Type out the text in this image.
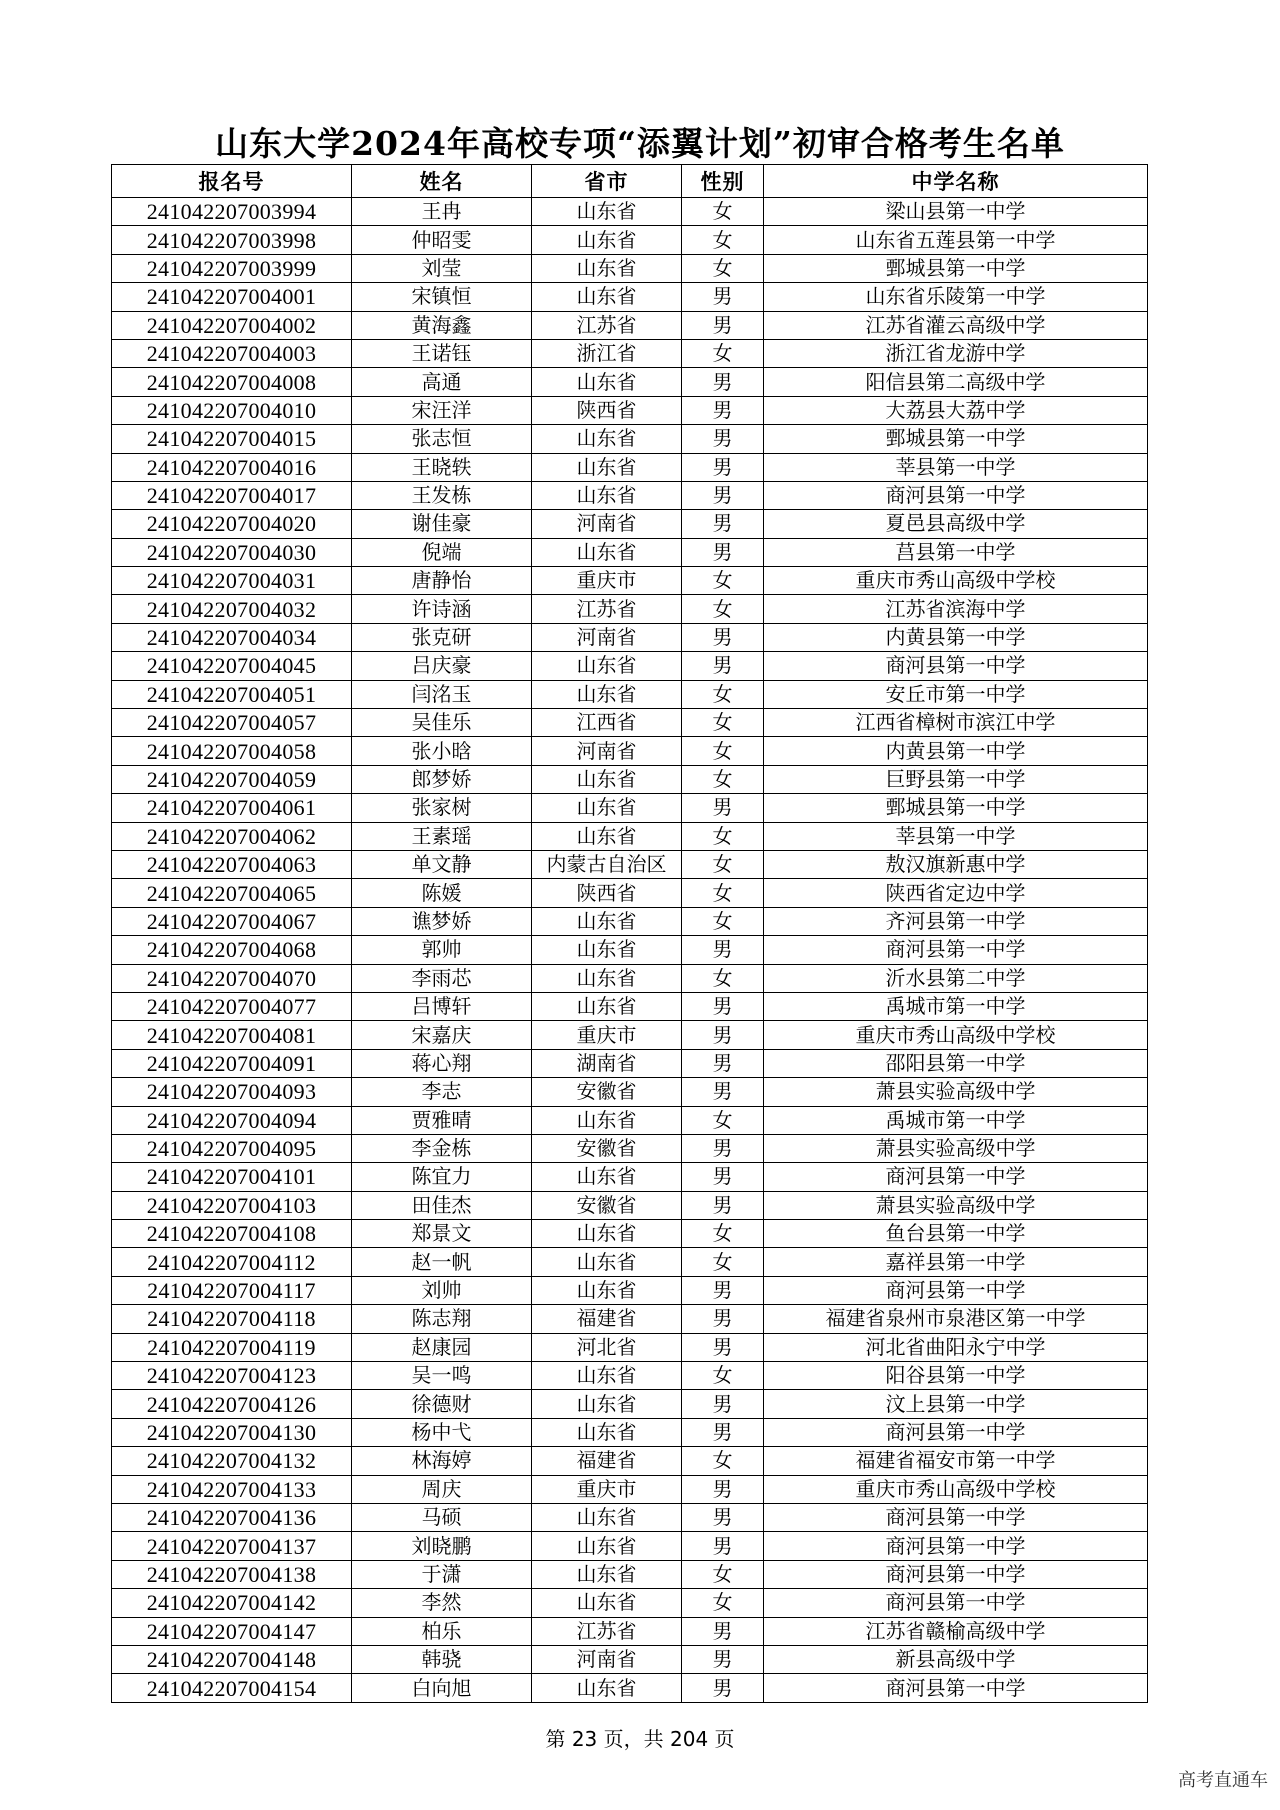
山东大学2024年高校专项“添翼计划”初审合格考生名单
报名号	姓名	省市	性别	中学名称
241042207003994	王冉	山东省	女	梁山县第一中学
241042207003998	仲昭雯	山东省	女	山东省五莲县第一中学
241042207003999	刘莹	山东省	女	鄄城县第一中学
241042207004001	宋镇恒	山东省	男	山东省乐陵第一中学
241042207004002	黄海鑫	江苏省	男	江苏省灌云高级中学
241042207004003	王诺钰	浙江省	女	浙江省龙游中学
241042207004008	高通	山东省	男	阳信县第二高级中学
241042207004010	宋汪洋	陕西省	男	大荔县大荔中学
241042207004015	张志恒	山东省	男	鄄城县第一中学
241042207004016	王晓轶	山东省	男	莘县第一中学
241042207004017	王发栋	山东省	男	商河县第一中学
241042207004020	谢佳豪	河南省	男	夏邑县高级中学
241042207004030	倪端	山东省	男	莒县第一中学
241042207004031	唐静怡	重庆市	女	重庆市秀山高级中学校
241042207004032	许诗涵	江苏省	女	江苏省滨海中学
241042207004034	张克研	河南省	男	内黄县第一中学
241042207004045	吕庆豪	山东省	男	商河县第一中学
241042207004051	闫洺玉	山东省	女	安丘市第一中学
241042207004057	吴佳乐	江西省	女	江西省樟树市滨江中学
241042207004058	张小晗	河南省	女	内黄县第一中学
241042207004059	郎梦娇	山东省	女	巨野县第一中学
241042207004061	张家树	山东省	男	鄄城县第一中学
241042207004062	王素瑶	山东省	女	莘县第一中学
241042207004063	单文静	内蒙古自治区	女	敖汉旗新惠中学
241042207004065	陈媛	陕西省	女	陕西省定边中学
241042207004067	谯梦娇	山东省	女	齐河县第一中学
241042207004068	郭帅	山东省	男	商河县第一中学
241042207004070	李雨芯	山东省	女	沂水县第二中学
241042207004077	吕博轩	山东省	男	禹城市第一中学
241042207004081	宋嘉庆	重庆市	男	重庆市秀山高级中学校
241042207004091	蒋心翔	湖南省	男	邵阳县第一中学
241042207004093	李志	安徽省	男	萧县实验高级中学
241042207004094	贾雅晴	山东省	女	禹城市第一中学
241042207004095	李金栋	安徽省	男	萧县实验高级中学
241042207004101	陈宜力	山东省	男	商河县第一中学
241042207004103	田佳杰	安徽省	男	萧县实验高级中学
241042207004108	郑景文	山东省	女	鱼台县第一中学
241042207004112	赵一帆	山东省	女	嘉祥县第一中学
241042207004117	刘帅	山东省	男	商河县第一中学
241042207004118	陈志翔	福建省	男	福建省泉州市泉港区第一中学
241042207004119	赵康园	河北省	男	河北省曲阳永宁中学
241042207004123	吴一鸣	山东省	女	阳谷县第一中学
241042207004126	徐德财	山东省	男	汶上县第一中学
241042207004130	杨中弋	山东省	男	商河县第一中学
241042207004132	林海婷	福建省	女	福建省福安市第一中学
241042207004133	周庆	重庆市	男	重庆市秀山高级中学校
241042207004136	马硕	山东省	男	商河县第一中学
241042207004137	刘晓鹏	山东省	男	商河县第一中学
241042207004138	于潇	山东省	女	商河县第一中学
241042207004142	李然	山东省	女	商河县第一中学
241042207004147	柏乐	江苏省	男	江苏省赣榆高级中学
241042207004148	韩骁	河南省	男	新县高级中学
241042207004154	白向旭	山东省	男	商河县第一中学
第 23 页，共 204 页
高考直通车
